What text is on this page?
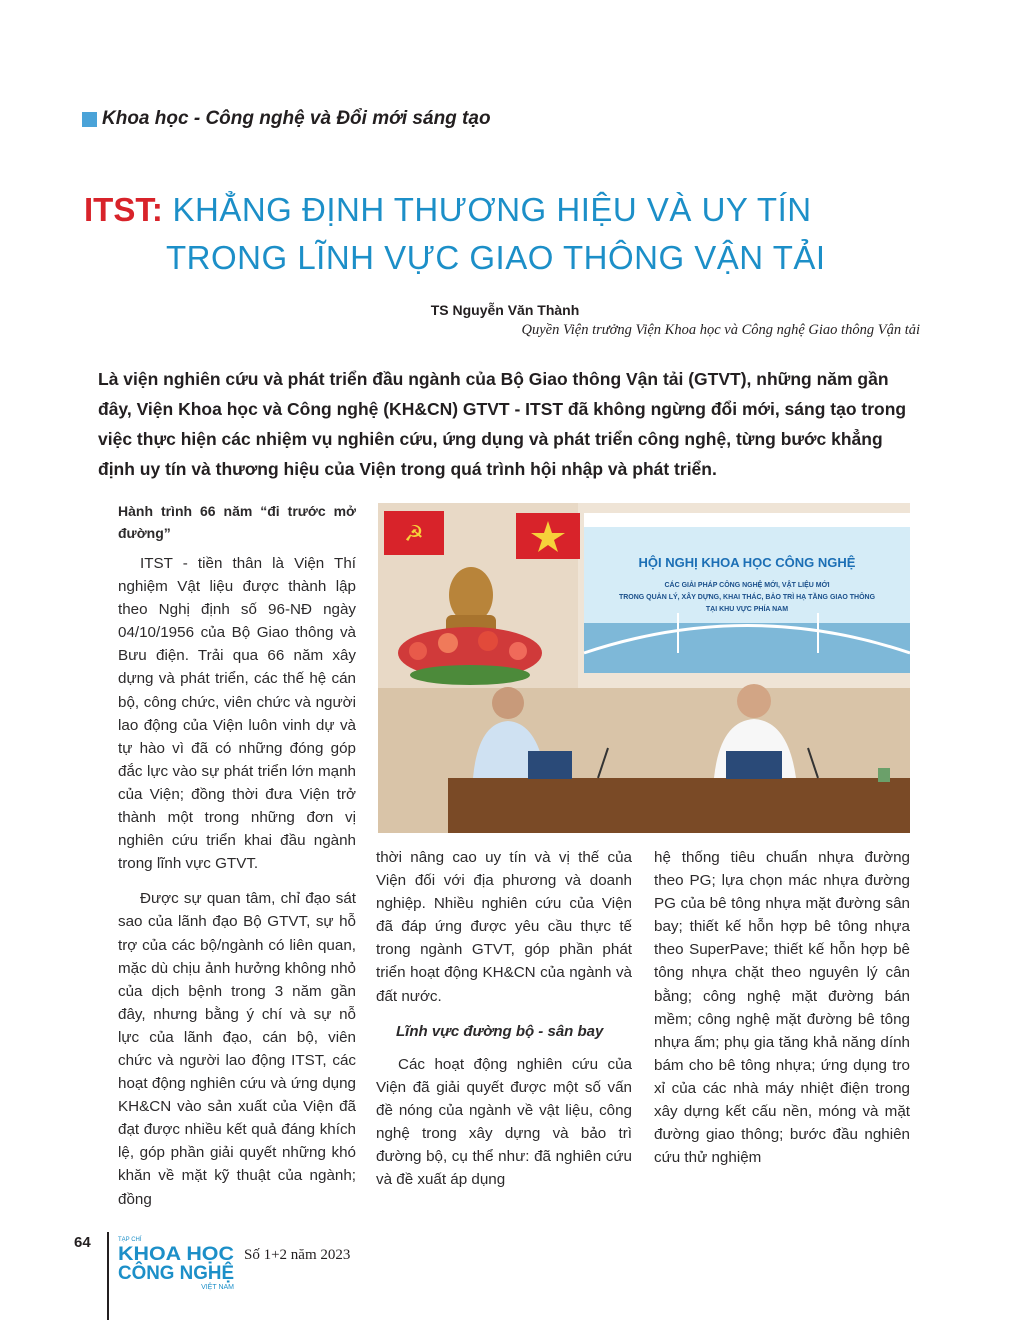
Khoa học - Công nghệ và Đổi mới sáng tạo
ITST: KHẲNG ĐỊNH THƯƠNG HIỆU VÀ UY TÍN
TRONG LĨNH VỰC GIAO THÔNG VẬN TẢI
TS Nguyễn Văn Thành
Quyền Viện trưởng Viện Khoa học và Công nghệ Giao thông Vận tải
Là viện nghiên cứu và phát triển đầu ngành của Bộ Giao thông Vận tải (GTVT), những năm gần đây, Viện Khoa học và Công nghệ (KH&CN) GTVT - ITST đã không ngừng đổi mới, sáng tạo trong việc thực hiện các nhiệm vụ nghiên cứu, ứng dụng và phát triển công nghệ, từng bước khẳng định uy tín và thương hiệu của Viện trong quá trình hội nhập và phát triển.
Hành trình 66 năm “đi trước mở đường”

ITST - tiền thân là Viện Thí nghiệm Vật liệu được thành lập theo Nghị định số 96-NĐ ngày 04/10/1956 của Bộ Giao thông và Bưu điện. Trải qua 66 năm xây dựng và phát triển, các thế hệ cán bộ, công chức, viên chức và người lao động của Viện luôn vinh dự và tự hào vì đã có những đóng góp đắc lực vào sự phát triển lớn mạnh của Viện; đồng thời đưa Viện trở thành một trong những đơn vị nghiên cứu triển khai đầu ngành trong lĩnh vực GTVT.

Được sự quan tâm, chỉ đạo sát sao của lãnh đạo Bộ GTVT, sự hỗ trợ của các bộ/ngành có liên quan, mặc dù chịu ảnh hưởng không nhỏ của dịch bệnh trong 3 năm gần đây, nhưng bằng ý chí và sự nỗ lực của lãnh đạo, cán bộ, viên chức và người lao động ITST, các hoạt động nghiên cứu và ứng dụng KH&CN vào sản xuất của Viện đã đạt được nhiều kết quả đáng khích lệ, góp phần giải quyết những khó khăn về mặt kỹ thuật của ngành; đồng

☭
HỘI NGHỊ KHOA HỌC CÔNG NGHỆ
CÁC GIẢI PHÁP CÔNG NGHỆ MỚI, VẬT LIỆU MỚI
TRONG QUẢN LÝ, XÂY DỰNG, KHAI THÁC, BẢO TRÌ HẠ TẦNG GIAO THÔNG
TẠI KHU VỰC PHÍA NAM

thời nâng cao uy tín và vị thế của Viện đối với địa phương và doanh nghiệp. Nhiều nghiên cứu của Viện đã đáp ứng được yêu cầu thực tế trong ngành GTVT, góp phần phát triển hoạt động KH&CN của ngành và đất nước.

Lĩnh vực đường bộ - sân bay

Các hoạt động nghiên cứu của Viện đã giải quyết được một số vấn đề nóng của ngành về vật liệu, công nghệ trong xây dựng và bảo trì đường bộ, cụ thể như: đã nghiên cứu và đề xuất áp dụng

hệ thống tiêu chuẩn nhựa đường theo PG; lựa chọn mác nhựa đường PG của bê tông nhựa mặt đường sân bay; thiết kế hỗn hợp bê tông nhựa theo SuperPave; thiết kế hỗn hợp bê tông nhựa chặt theo nguyên lý cân bằng; công nghệ mặt đường bán mềm; công nghệ mặt đường bê tông nhựa ấm; phụ gia tăng khả năng dính bám cho bê tông nhựa; ứng dụng tro xỉ của các nhà máy nhiệt điện trong xây dựng kết cấu nền, móng và mặt đường giao thông; bước đầu nghiên cứu thử nghiệm

64	TẠP CHÍ
KHOA HỌC
CÔNG NGHỆ
VIỆT NAM
Số 1+2 năm 2023
